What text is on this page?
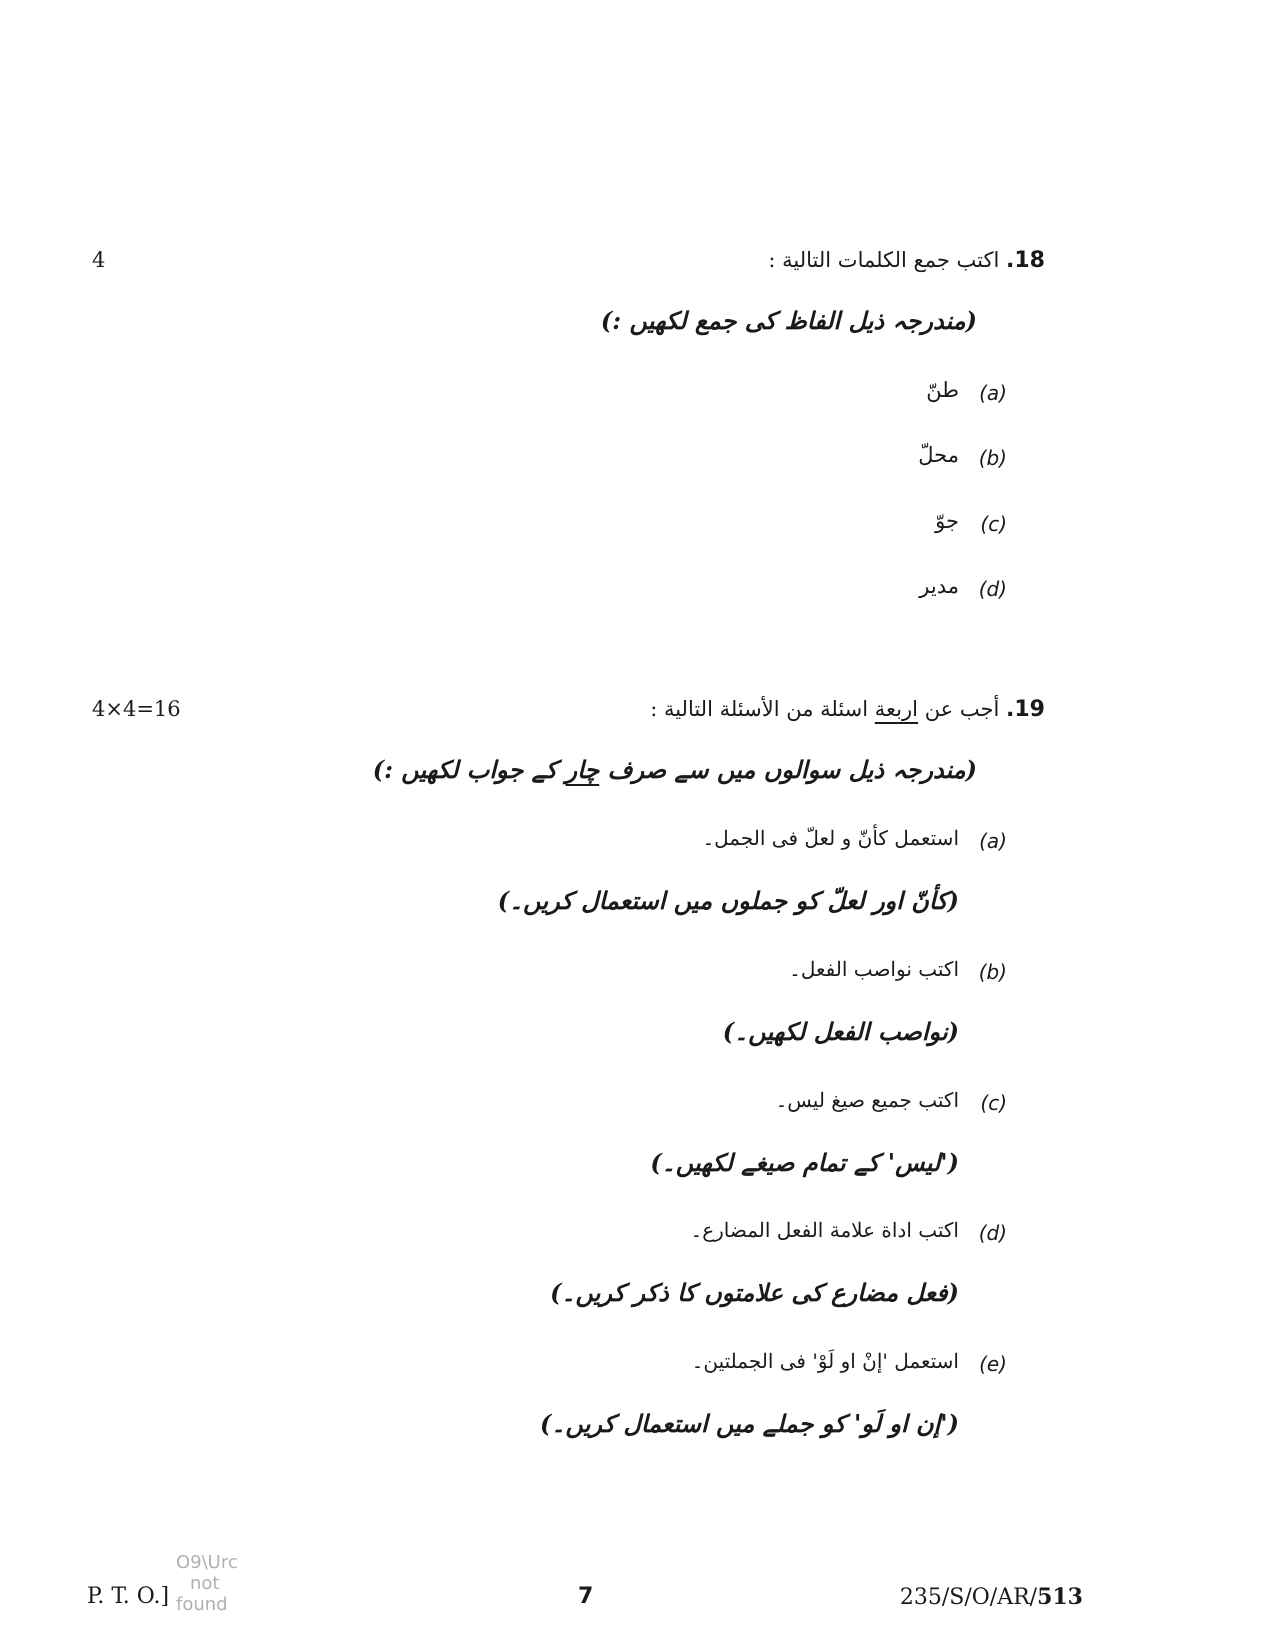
4	18. اكتب جمع الكلمات التالية :
(مندرجہ ذیل الفاظ کی جمع لکھیں :)
(a)
طنّ
(b)
محلّ
(c)
جوّ
(d)
مدير
4×4=16	19. أجب عن اربعة اسئلة من الأسئلة التالية :
(مندرجہ ذیل سوالوں میں سے صرف چار کے جواب لکھیں :)
(a)
استعمل كأنّ و لعلّ فى الجمل۔
(کأنّ اور لعلّ کو جملوں میں استعمال کریں۔)
(b)
اكتب نواصب الفعل۔
(نواصب الفعل لکھیں۔)
(c)
اكتب جميع صيغ ليس۔
('لیس' کے تمام صیغے لکھیں۔)
(d)
اكتب اداة علامة الفعل المضارع۔
(فعل مضارع کی علامتوں کا ذکر کریں۔)
(e)
استعمل 'إنْ او لَوْ' فى الجملتين۔
('إن او لَو' کو جملے میں استعمال کریں۔)
P. T. O.]
O9\Urc
not
found	7	235/S/O/AR/513
